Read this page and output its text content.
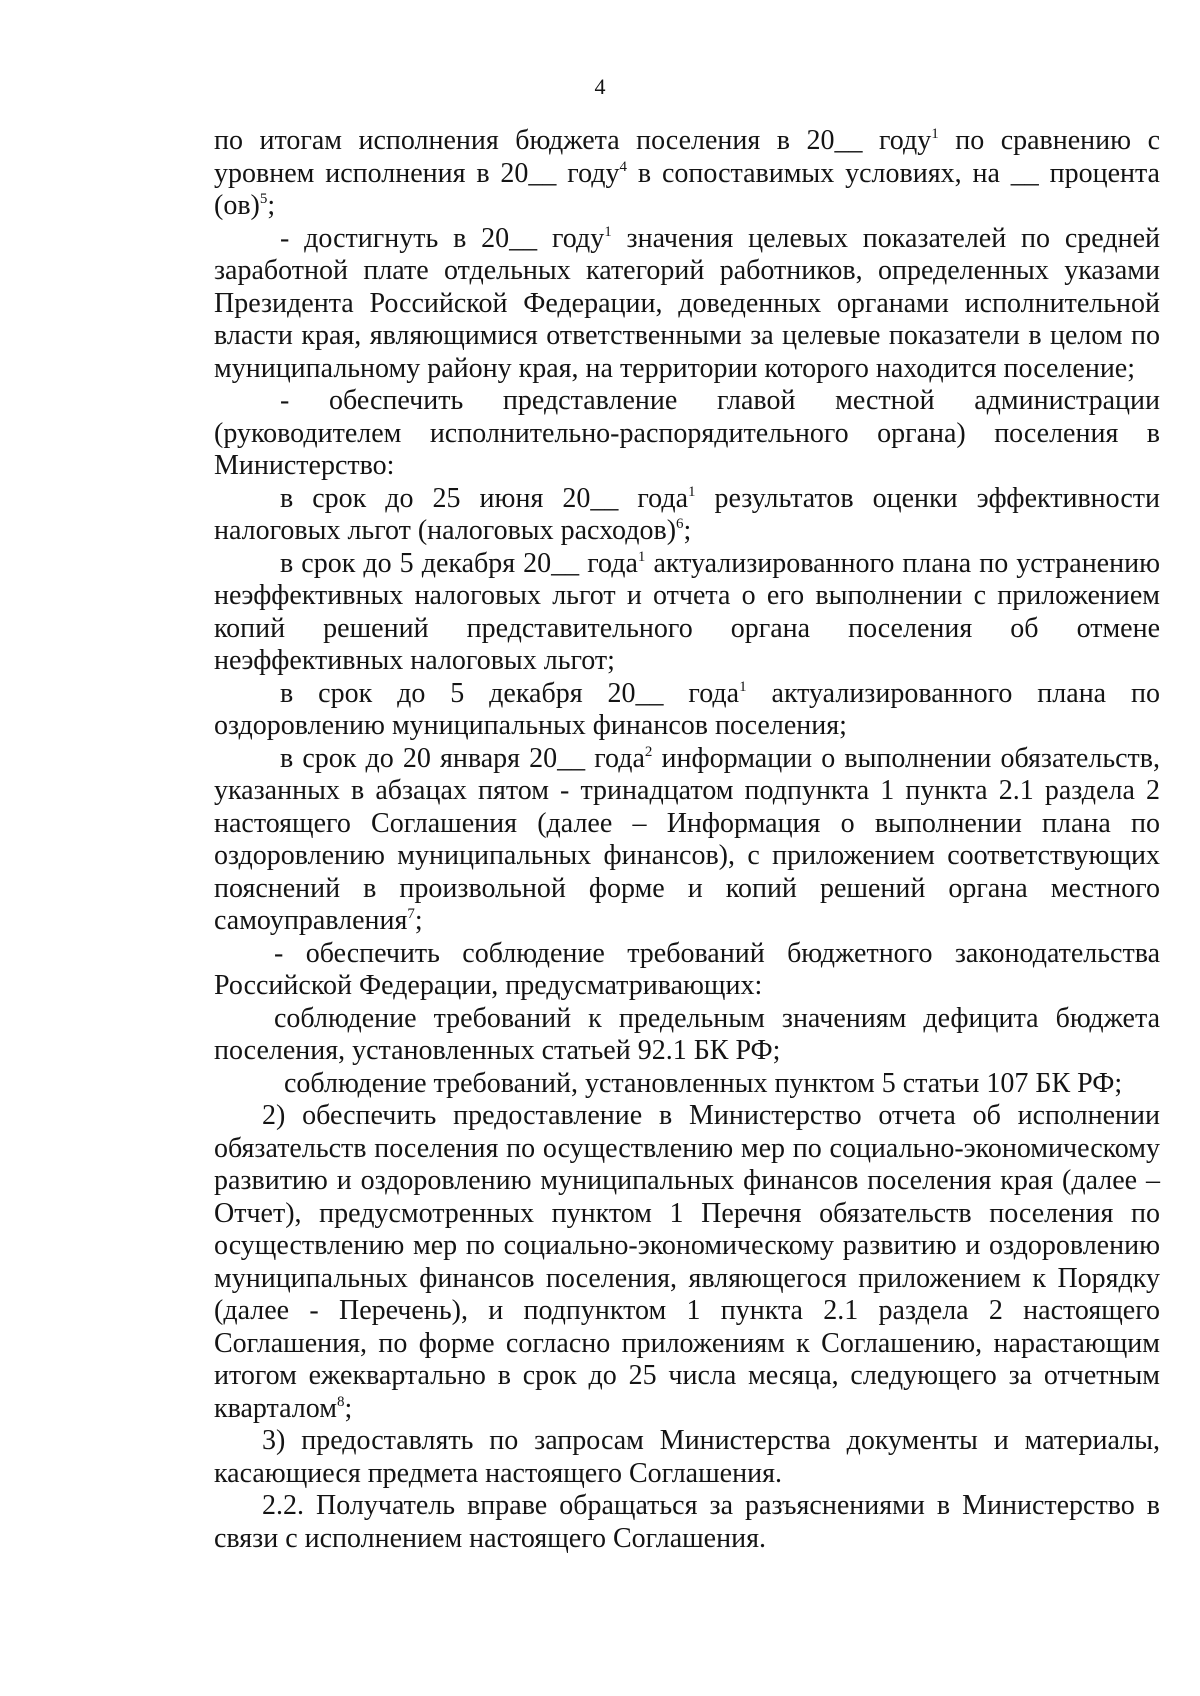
4

по итогам исполнения бюджета поселения в 20__ году$^1$ по сравнению с уровнем исполнения в 20__ году$^4$ в сопоставимых условиях, на __ процента (ов)$^5$;

- достигнуть в 20__ году$^1$ значения целевых показателей по средней заработной плате отдельных категорий работников, определенных указами Президента Российской Федерации, доведенных органами исполнительной власти края, являющимися ответственными за целевые показатели в целом по муниципальному району края, на территории которого находится поселение;

- обеспечить представление главой местной администрации (руководителем исполнительно-распорядительного органа) поселения в Министерство:

в срок до 25 июня 20__ года$^1$ результатов оценки эффективности налоговых льгот (налоговых расходов)$^6$;

в срок до 5 декабря 20__ года$^1$ актуализированного плана по устранению неэффективных налоговых льгот и отчета о его выполнении с приложением копий решений представительного органа поселения об отмене неэффективных налоговых льгот;

в срок до 5 декабря 20__ года$^1$ актуализированного плана по оздоровлению муниципальных финансов поселения;

в срок до 20 января 20__ года$^2$ информации о выполнении обязательств, указанных в абзацах пятом - тринадцатом подпункта 1 пункта 2.1 раздела 2 настоящего Соглашения (далее – Информация о выполнении плана по оздоровлению муниципальных финансов), с приложением соответствующих пояснений в произвольной форме и копий решений органа местного самоуправления$^7$;

- обеспечить соблюдение требований бюджетного законодательства Российской Федерации, предусматривающих:

соблюдение требований к предельным значениям дефицита бюджета поселения, установленных статьей 92.1 БК РФ;

соблюдение требований, установленных пунктом 5 статьи 107 БК РФ;

2) обеспечить предоставление в Министерство отчета об исполнении обязательств поселения по осуществлению мер по социально-экономическому развитию и оздоровлению муниципальных финансов поселения края (далее – Отчет), предусмотренных пунктом 1 Перечня обязательств поселения по осуществлению мер по социально-экономическому развитию и оздоровлению муниципальных финансов поселения, являющегося приложением к Порядку (далее - Перечень), и подпунктом 1 пункта 2.1 раздела 2 настоящего Соглашения, по форме согласно приложениям к Соглашению, нарастающим итогом ежеквартально в срок до 25 числа месяца, следующего за отчетным кварталом$^8$;

3) предоставлять по запросам Министерства документы и материалы, касающиеся предмета настоящего Соглашения.

2.2. Получатель вправе обращаться за разъяснениями в Министерство в связи с исполнением настоящего Соглашения.
